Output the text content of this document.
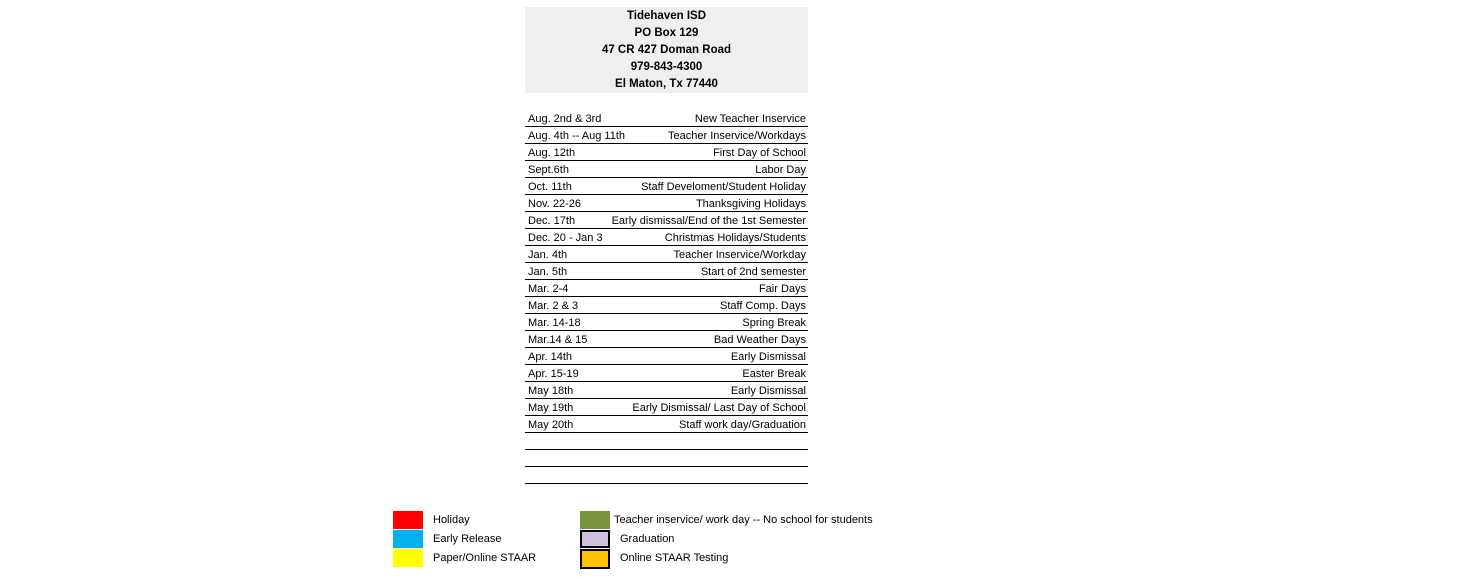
Tidehaven ISD
PO Box 129
47 CR 427 Doman Road
979-843-4300
El Maton, Tx 77440
Aug. 2nd & 3rd	New Teacher Inservice
Aug. 4th -- Aug 11th	Teacher Inservice/Workdays
Aug. 12th	First Day of School
Sept.6th	Labor Day
Oct. 11th	Staff Develoment/Student Holiday
Nov. 22-26	Thanksgiving Holidays
Dec. 17th	Early dismissal/End of the 1st Semester
Dec. 20 - Jan 3	Christmas Holidays/Students
Jan. 4th	Teacher Inservice/Workday
Jan. 5th	Start of 2nd semester
Mar. 2-4	Fair Days
Mar. 2 & 3	Staff Comp. Days
Mar. 14-18	Spring Break
Mar.14 & 15	Bad Weather Days
Apr. 14th	Early Dismissal
Apr. 15-19	Easter Break
May 18th	Early Dismissal
May 19th	Early Dismissal/ Last Day of School
May 20th	Staff work day/Graduation
Holiday
Early Release
Paper/Online STAAR
Teacher inservice/ work day -- No school for students
Graduation
Online STAAR Testing
